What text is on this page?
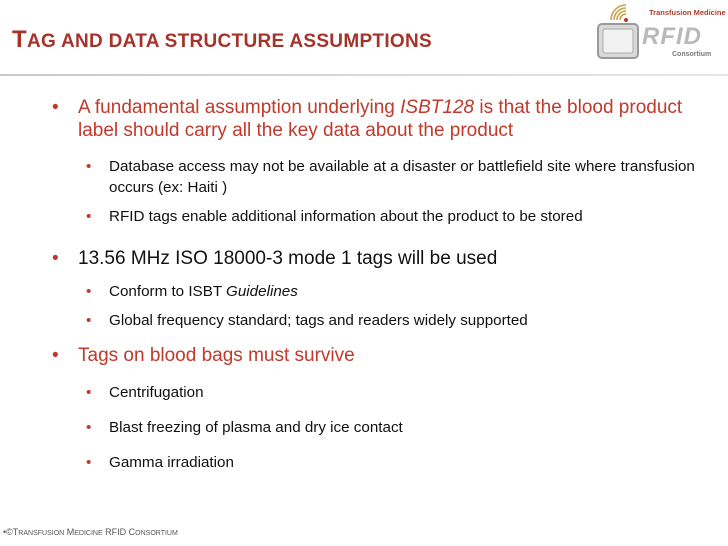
TAG AND DATA STRUCTURE ASSUMPTIONS
Transfusion Medicine
RFID
Consortium
• A fundamental assumption underlying ISBT128 is that the blood product label should carry all the key data about the product
• Database access may not be available at a disaster or battlefield site where transfusion occurs (ex: Haiti )
• RFID tags enable additional information about the product to be stored
• 13.56 MHz ISO 18000-3 mode 1 tags will be used
• Conform to ISBT Guidelines
• Global frequency standard; tags and readers widely supported
• Tags on blood bags must survive
• Centrifugation
• Blast freezing of plasma and dry ice contact
• Gamma irradiation
•©TRANSFUSION MEDICINE RFID CONSORTIUM
